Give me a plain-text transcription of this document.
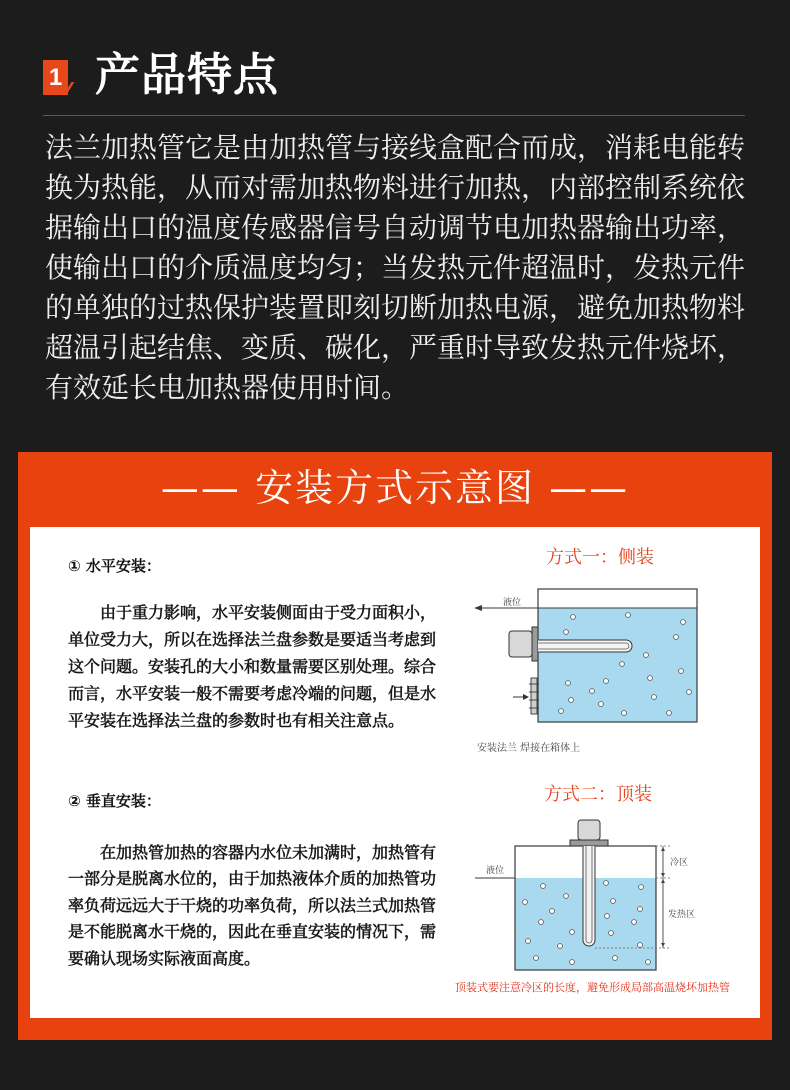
1 产品特点
法兰加热管它是由加热管与接线盒配合而成，消耗电能转
换为热能，从而对需加热物料进行加热，内部控制系统依
据输出口的温度传感器信号自动调节电加热器输出功率，
使输出口的介质温度均匀；当发热元件超温时，发热元件
的单独的过热保护装置即刻切断加热电源，避免加热物料
超温引起结焦、变质、碳化，严重时导致发热元件烧坏，
有效延长电加热器使用时间。
—— 安装方式示意图 ——
① 水平安装：
由于重力影响，水平安装侧面由于受力面积小，
单位受力大，所以在选择法兰盘参数是要适当考虑到
这个问题。安装孔的大小和数量需要区别处理。综合
而言，水平安装一般不需要考虑冷端的问题，但是水
平安装在选择法兰盘的参数时也有相关注意点。
② 垂直安装：
在加热管加热的容器内水位未加满时，加热管有
一部分是脱离水位的，由于加热液体介质的加热管功
率负荷远远大于干烧的功率负荷，所以法兰式加热管
是不能脱离水干烧的，因此在垂直安装的情况下，需
要确认现场实际液面高度。
方式一：侧装
液位
安装法兰 焊接在箱体上
方式二：顶装
液位
冷区
发热区
顶装式要注意冷区的长度，避免形成局部高温烧坏加热管
